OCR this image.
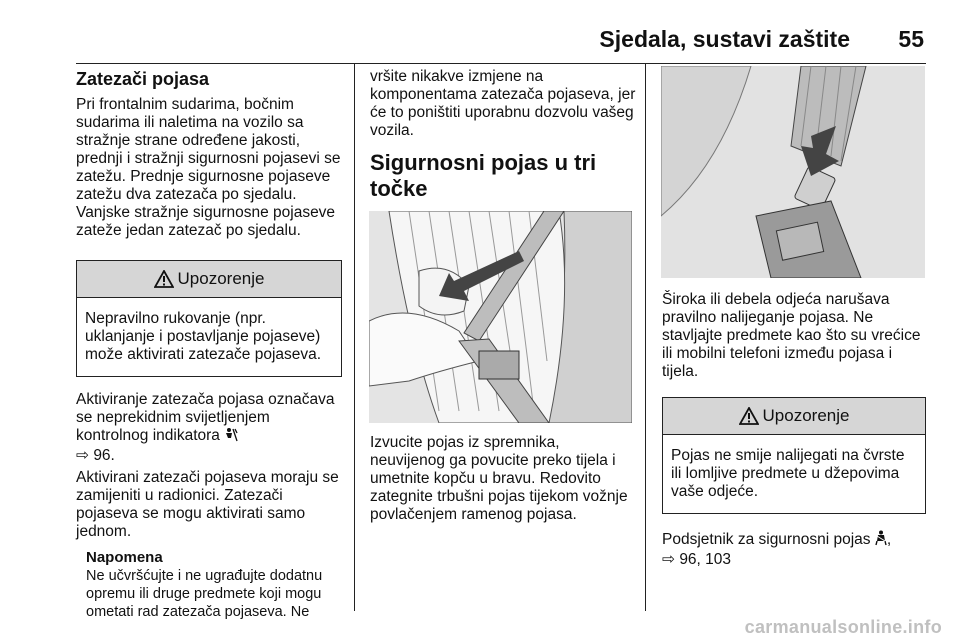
Sjedala, sustavi zaštite 55
Zatezači pojasa

Pri frontalnim sudarima, bočnim sudarima ili naletima na vozilo sa stražnje strane određene jakosti, prednji i stražnji sigurnosni pojasevi se zatežu. Prednje sigurnosne pojaseve zatežu dva zatezača po sjedalu. Vanjske stražnje sigurnosne pojaseve zateže jedan zatezač po sjedalu.

Upozorenje
Nepravilno rukovanje (npr. uklanjanje i postavljanje pojaseve) može aktivirati zatezače pojaseva.

Aktiviranje zatezača pojasa označava se neprekidnim svijetljenjem kontrolnog indikatora
⇨ 96.

Aktivirani zatezači pojaseva moraju se zamijeniti u radionici. Zatezači pojaseva se mogu aktivirati samo jednom.

Napomena
Ne učvršćujte i ne ugrađujte dodatnu opremu ili druge predmete koji mogu ometati rad zatezača pojaseva. Ne

vršite nikakve izmjene na komponentama zatezača pojaseva, jer će to poništiti uporabnu dozvolu vašeg vozila.

Sigurnosni pojas u tri točke

Izvucite pojas iz spremnika, neuvijenog ga povucite preko tijela i umetnite kopču u bravu. Redovito zategnite trbušni pojas tijekom vožnje povlačenjem ramenog pojasa.

Široka ili debela odjeća narušava pravilno nalijeganje pojasa. Ne stavljajte predmete kao što su vrećice ili mobilni telefoni između pojasa i tijela.

Upozorenje
Pojas ne smije nalijegati na čvrste ili lomljive predmete u džepovima vaše odjeće.

Podsjetnik za sigurnosni pojas ,
⇨ 96, 103

carmanualsonline.info
